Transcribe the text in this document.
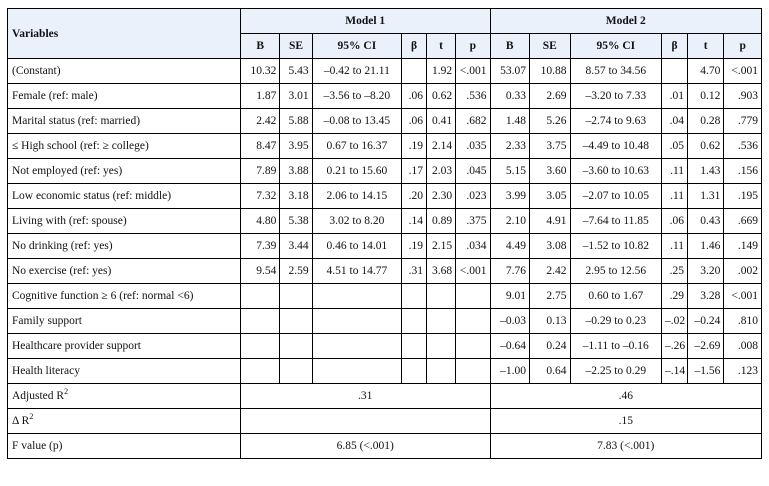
Variables	Model 1						Model 2					
	B	SE	95% CI	β	t	p	B	SE	95% CI	β	t	p
(Constant)	10.32	5.43	–0.42 to 21.11		1.92	<.001	53.07	10.88	8.57 to 34.56		4.70	<.001
Female (ref: male)	1.87	3.01	–3.56 to –8.20	.06	0.62	.536	0.33	2.69	–3.20 to 7.33	.01	0.12	.903
Marital status (ref: married)	2.42	5.88	–0.08 to 13.45	.06	0.41	.682	1.48	5.26	–2.74 to 9.63	.04	0.28	.779
≤ High school (ref: ≥ college)	8.47	3.95	0.67 to 16.37	.19	2.14	.035	2.33	3.75	–4.49 to 10.48	.05	0.62	.536
Not employed (ref: yes)	7.89	3.88	0.21 to 15.60	.17	2.03	.045	5.15	3.60	–3.60 to 10.63	.11	1.43	.156
Low economic status (ref: middle)	7.32	3.18	2.06 to 14.15	.20	2.30	.023	3.99	3.05	–2.07 to 10.05	.11	1.31	.195
Living with (ref: spouse)	4.80	5.38	3.02 to 8.20	.14	0.89	.375	2.10	4.91	–7.64 to 11.85	.06	0.43	.669
No drinking (ref: yes)	7.39	3.44	0.46 to 14.01	.19	2.15	.034	4.49	3.08	–1.52 to 10.82	.11	1.46	.149
No exercise (ref: yes)	9.54	2.59	4.51 to 14.77	.31	3.68	<.001	7.76	2.42	2.95 to 12.56	.25	3.20	.002
Cognitive function ≥ 6 (ref: normal <6)							9.01	2.75	0.60 to 1.67	.29	3.28	<.001
Family support							–0.03	0.13	–0.29 to 0.23	–.02	–0.24	.810
Healthcare provider support							–0.64	0.24	–1.11 to –0.16	–.26	–2.69	.008
Health literacy							–1.00	0.64	–2.25 to 0.29	–.14	–1.56	.123
Adjusted $R^2$	.31						.46					
Δ $R^2$							.15					
F value (p)	6.85 (<.001)						7.83 (<.001)					
